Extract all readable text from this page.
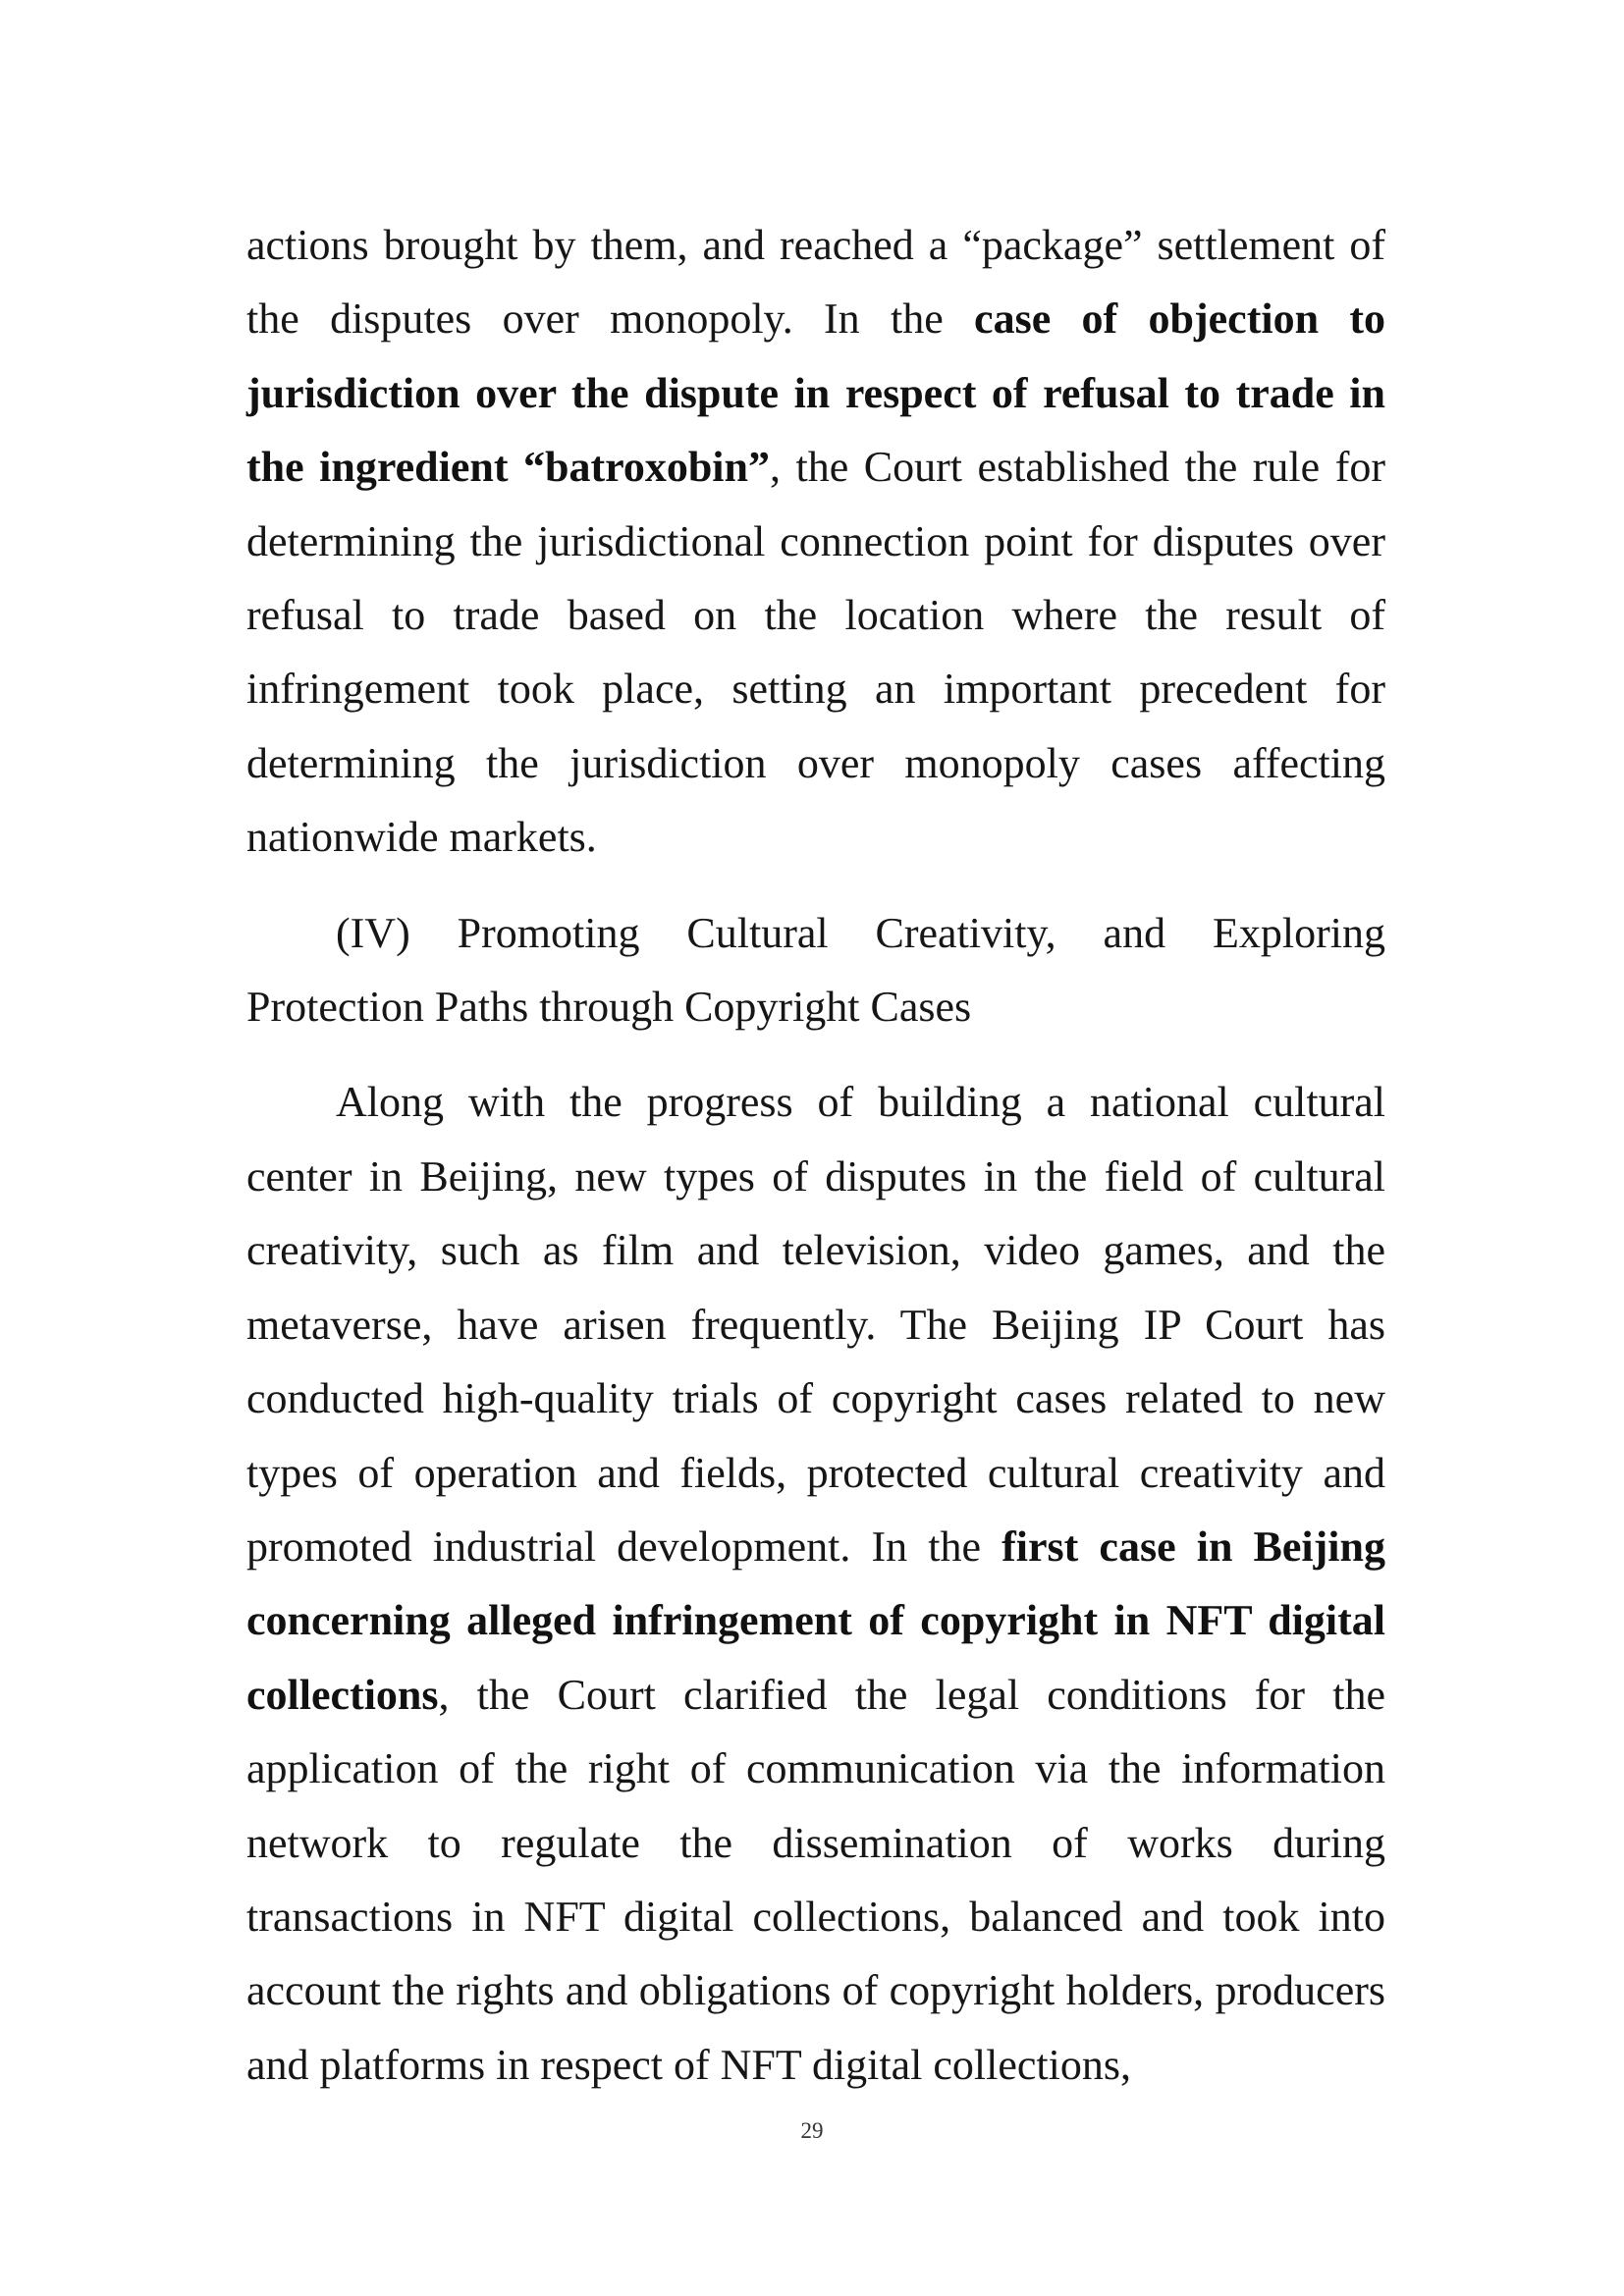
actions brought by them, and reached a “package” settlement of the disputes over monopoly. In the case of objection to jurisdiction over the dispute in respect of refusal to trade in the ingredient “batroxobin”, the Court established the rule for determining the jurisdictional connection point for disputes over refusal to trade based on the location where the result of infringement took place, setting an important precedent for determining the jurisdiction over monopoly cases affecting nationwide markets.

(IV) Promoting Cultural Creativity, and Exploring Protection Paths through Copyright Cases

Along with the progress of building a national cultural center in Beijing, new types of disputes in the field of cultural creativity, such as film and television, video games, and the metaverse, have arisen frequently. The Beijing IP Court has conducted high-quality trials of copyright cases related to new types of operation and fields, protected cultural creativity and promoted industrial development. In the first case in Beijing concerning alleged infringement of copyright in NFT digital collections, the Court clarified the legal conditions for the application of the right of communication via the information network to regulate the dissemination of works during transactions in NFT digital collections, balanced and took into account the rights and obligations of copyright holders, producers and platforms in respect of NFT digital collections,

29
